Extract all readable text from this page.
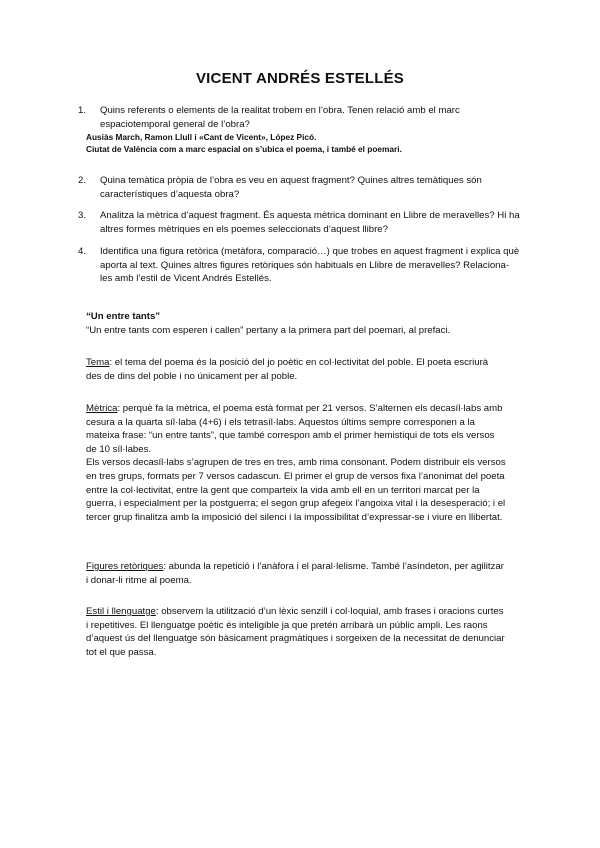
VICENT ANDRÉS ESTELLÉS
1. Quins referents o elements de la realitat trobem en l’obra. Tenen relació amb el marc espaciotemporal general de l’obra?
Ausiàs March, Ramon Llull i «Cant de Vicent», López Picó.
Ciutat de València com a marc espacial on s’ubica el poema, i també el poemari.
2. Quina temàtica pròpia de l’obra es veu en aquest fragment? Quines altres temàtiques són característiques d’aquesta obra?
3. Analitza la mètrica d’aquest fragment. És aquesta mètrica dominant en Llibre de meravelles? Hi ha altres formes mètriques en els poemes seleccionats d’aquest llibre?
4. Identifica una figura retòrica (metàfora, comparació…) que trobes en aquest fragment i explica què aporta al text. Quines altres figures retòriques són habituals en Llibre de meravelles? Relaciona-les amb l’estil de Vicent Andrés Estellés.
“Un entre tants”
“Un entre tants com esperen i callen” pertany a la primera part del poemari, al prefaci.
Tema: el tema del poema és la posició del jo poètic en col·lectivitat del poble. El poeta escriurà des de dins del poble i no únicament per al poble.
Mètrica: perquè fa la mètrica, el poema està format per 21 versos. S’alternen els decasíl·labs amb cesura a la quarta síl·laba (4+6) i els tetrasíl·labs. Aquestos últims sempre corresponen a la mateixa frase: “un entre tants”, que també correspon amb el primer hemistiqui de tots els versos de 10 síl·labes.
Els versos decasíl·labs s’agrupen de tres en tres, amb rima consonant. Podem distribuir els versos en tres grups, formats per 7 versos cadascun. El primer el grup de versos fixa l’anonimat del poeta entre la col·lectivitat, entre la gent que comparteix la vida amb ell en un territori marcat per la guerra, i especialment per la postguerra; el segon grup afegeix l’angoixa vital i la desesperació; i el tercer grup finalitza amb la imposició del silenci i la impossibilitat d’expressar-se i viure en llibertat.
Figures retòriques: abunda la repetició i l’anàfora i el paral·lelisme. També l’asíndeton, per agilitzar i donar-li ritme al poema.
Estil i llenguatge: observem la utilització d’un lèxic senzill i col·loquial, amb frases i oracions curtes i repetitives. El llenguatge poètic és inteligible ja que pretén arribarà un públic ampli. Les raons d’aquest ús del llenguatge són bàsicament pragmàtiques i sorgeixen de la necessitat de denunciar tot el que passa.
